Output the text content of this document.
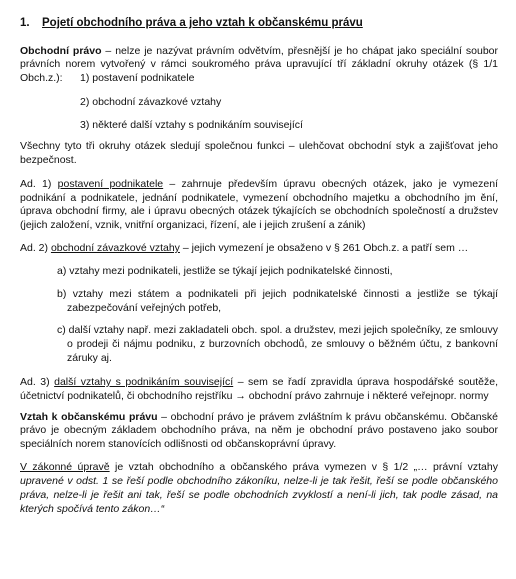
1. Pojetí obchodního práva a jeho vztah k občanskému právu
Obchodní právo – nelze je nazývat právním odvětvím, přesnější je ho chápat jako speciální soubor
právních norem vytvořený v rámci soukromého práva upravující tří základní okruhy otázek (§ 1/1
Obch.z.): 1) postavení podnikatele
2) obchodní závazkové vztahy
3) některé další vztahy s podnikáním související
Všechny tyto tři okruhy otázek sledují společnou funkci – ulehčovat obchodní styk a zajišťovat jeho
bezpečnost.
Ad. 1) postavení podnikatele – zahrnuje především úpravu obecných otázek, jako je vymezení
podnikání a podnikatele, jednání podnikatele, vymezení obchodního majetku a obchodního jm ění,
úprava obchodní firmy, ale i úpravu obecných otázek týkajících se obchodních společností a družstev
(jejich založení, vznik, vnitřní organizaci, řízení, ale i jejich zrušení a zánik)
Ad. 2) obchodní závazkové vztahy – jejich vymezení je obsaženo v § 261 Obch.z. a patří sem …
a) vztahy mezi podnikateli, jestliže se týkají jejich podnikatelské činnosti,
b) vztahy mezi státem a podnikateli při jejich podnikatelské činnosti a jestliže se týkají
zabezpečování veřejných potřeb,
c) další vztahy např. mezi zakladateli obch. spol. a družstev, mezi jejich společníky, ze smlouvy
o prodeji či nájmu podniku, z burzovních obchodů, ze smlouvy o běžném účtu, z bankovní
záruky aj.
Ad. 3) další vztahy s podnikáním související – sem se řadí zpravidla úprava hospodářské soutěže,
účetnictví podnikatelů, či obchodního rejstříku → obchodní právo zahrnuje i některé veřejnopr. normy
Vztah k občanskému právu – obchodní právo je právem zvláštním k právu občanskému. Občanské
právo je obecným základem obchodního práva, na něm je obchodní právo postaveno jako soubor
speciálních norem stanovících odlišnosti od občanskoprávní úpravy.
V zákonné úpravě je vztah obchodního a občanského práva vymezen v § 1/2 „… právní vztahy
upravené v odst. 1 se řeší podle obchodního zákoníku, nelze-li je tak řešit, řeší se podle občanského
práva, nelze-li je řešit ani tak, řeší se podle obchodních zvyklostí a není-li jich, tak podle zásad, na
kterých spočívá tento zákon…“
